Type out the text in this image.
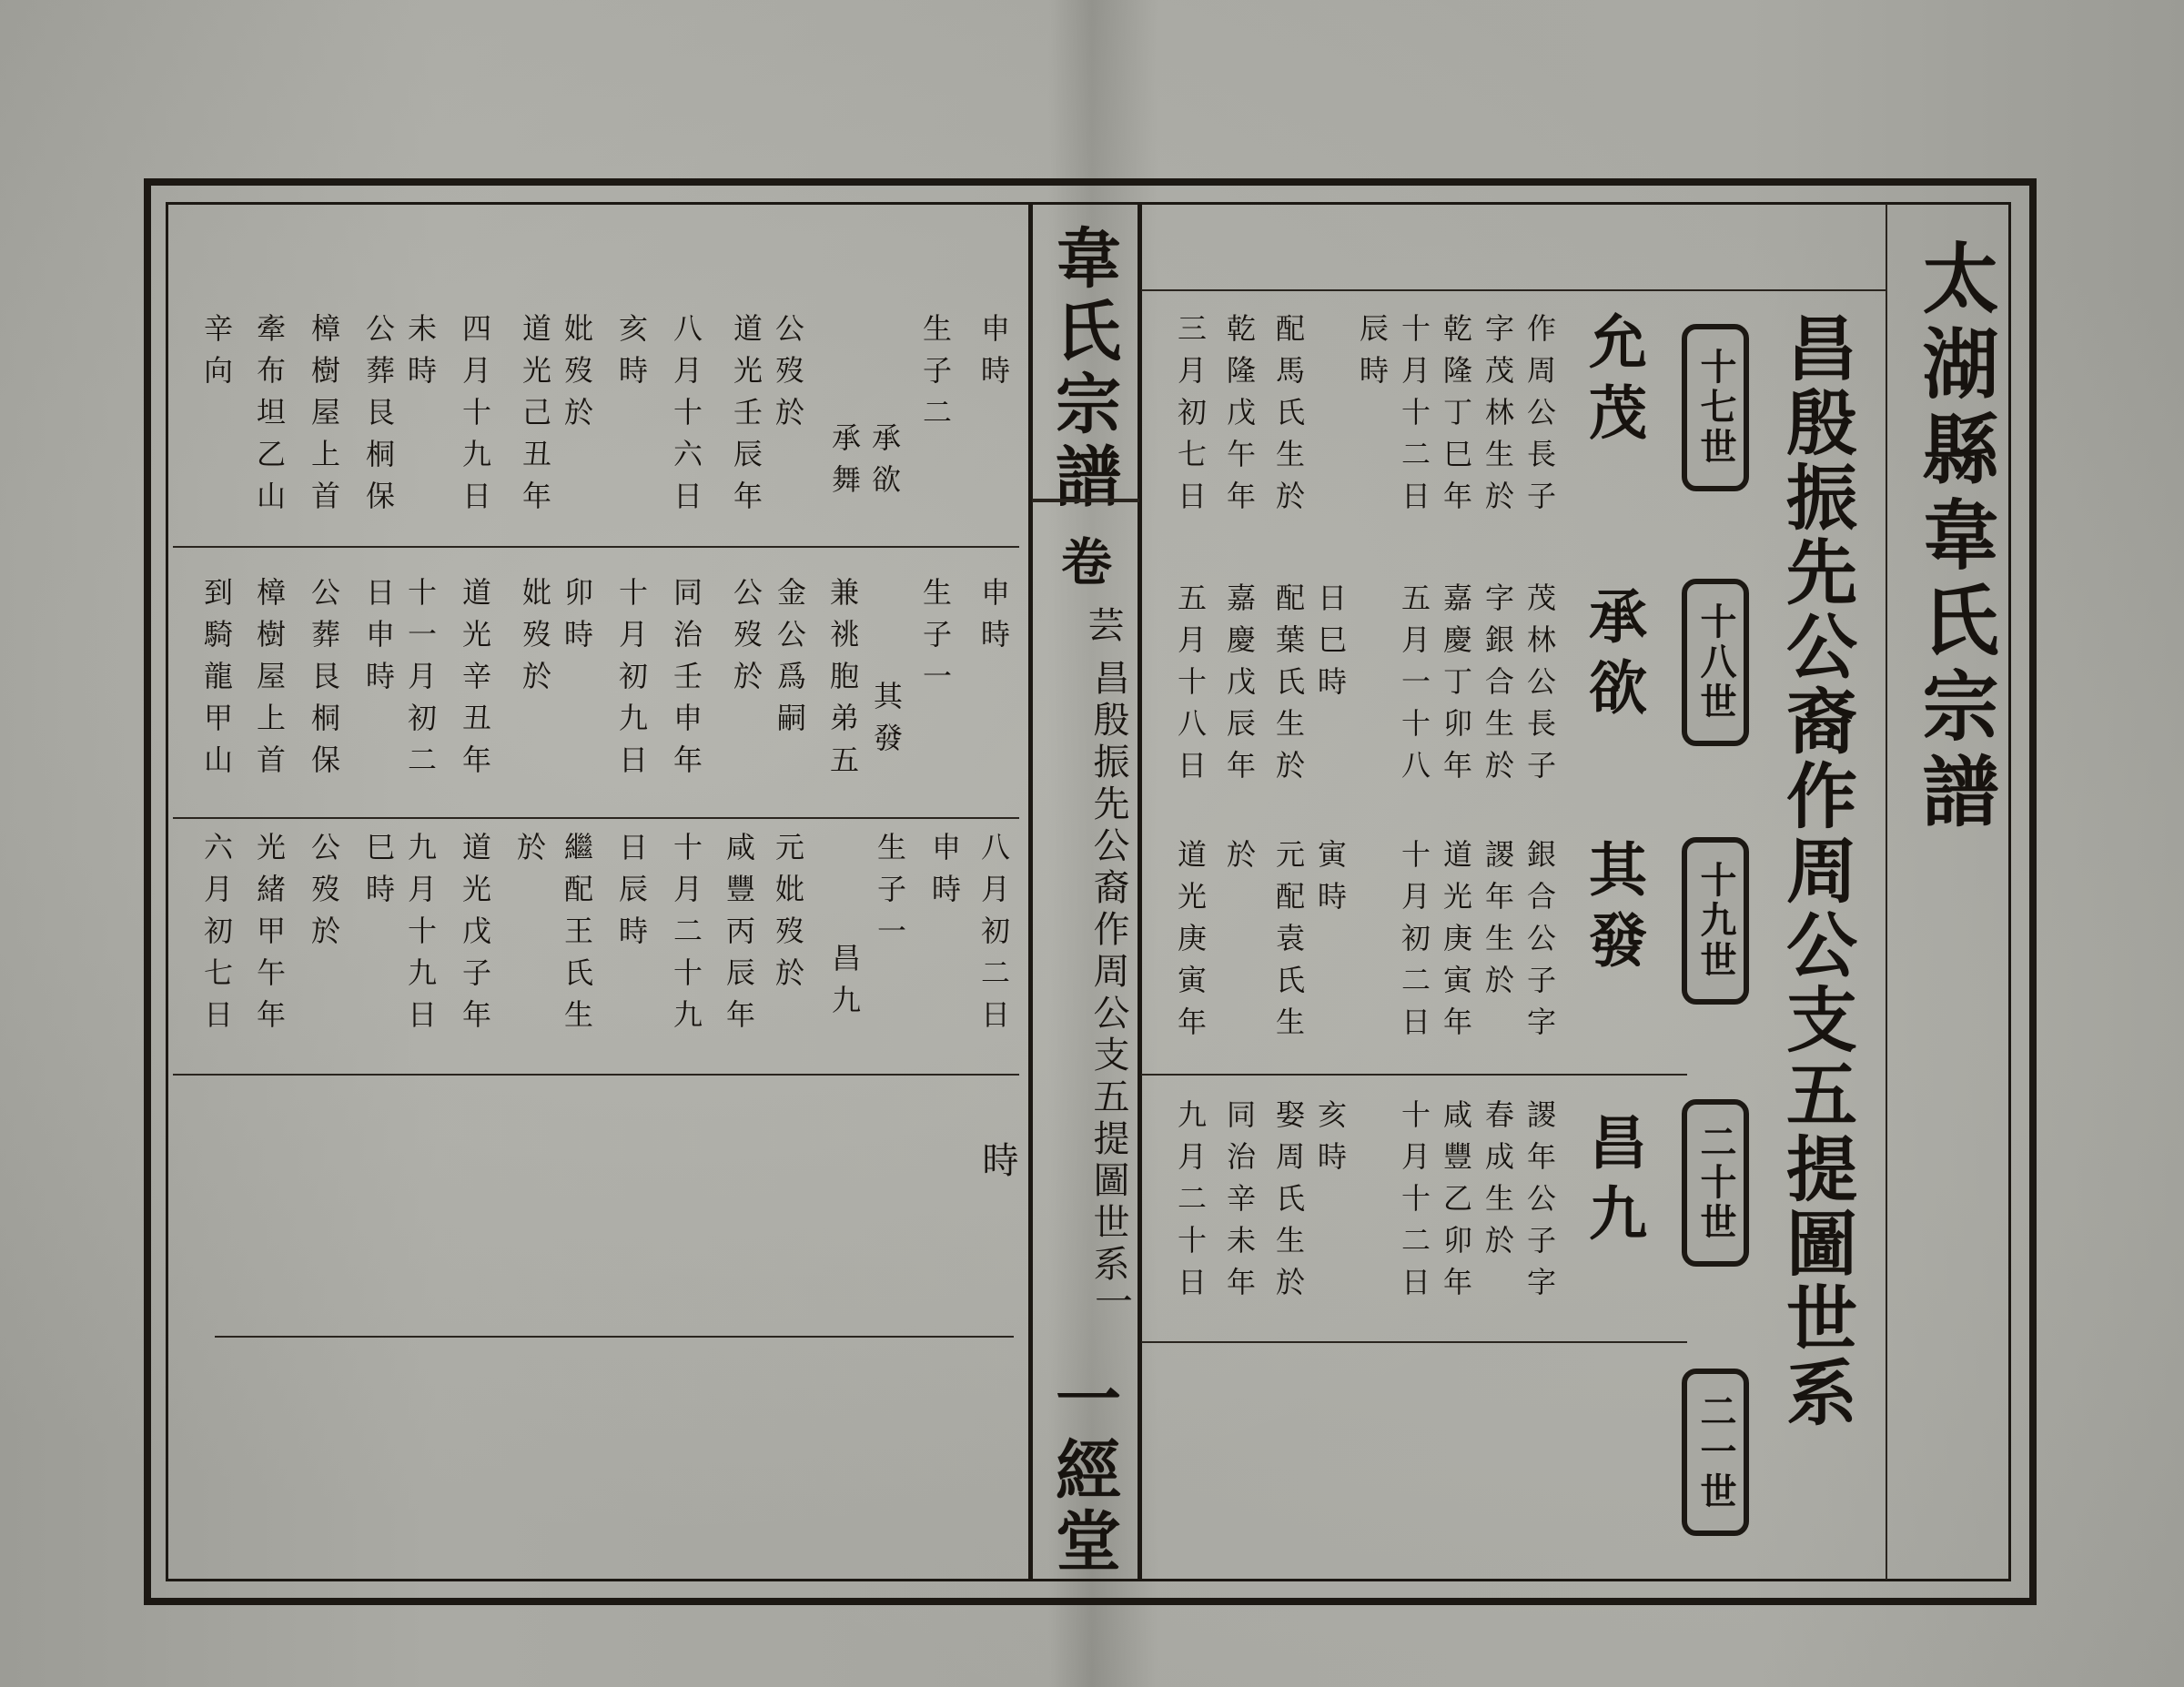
韋氏宗譜
卷
芸
昌殷振先公裔作周公支五提圖世系
一
一經堂
太湖縣韋氏宗譜
昌殷振先公裔作周公支五提圖世系
十七世
十八世
十九世
二十世
二一世
允茂
承欲
其發
昌九
作周公長子
字茂林生於
乾隆丁巳年
十月十二日
辰時
配馬氏生於
乾隆戊午年
三月初七日
茂林公長子
字銀合生於
嘉慶丁卯年
五月一十八
日巳時
配葉氏生於
嘉慶戊辰年
五月十八日
銀合公子字
謖年生於
道光庚寅年
十月初二日
寅時
元配袁氏生
於
道光庚寅年
謖年公子字
春成生於
咸豐乙卯年
十月十二日
亥時
娶周氏生於
同治辛未年
九月二十日
申時
生子二
承欲
承舞
公歿於
道光壬辰年
八月十六日
亥時
妣歿於
道光己丑年
四月十九日
未時
公葬艮桐保
樟樹屋上首
牽布坦乙山
辛向
申時
生子一
其發
兼祧胞弟五
金公爲嗣
公歿於
同治壬申年
十月初九日
卯時
妣歿於
道光辛丑年
十一月初二
日申時
公葬艮桐保
樟樹屋上首
到騎龍甲山
八月初二日
申時
生子一
昌九
元妣歿於
咸豐丙辰年
十月二十九
日辰時
繼配王氏生
於
道光戊子年
九月十九日
巳時
公歿於
光緒甲午年
六月初七日
時
